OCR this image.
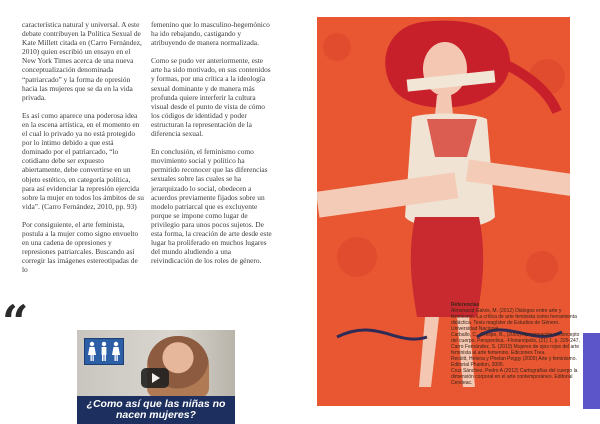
característica natural y universal. A este debate contribuyen la Política Sexual de Kate Millett citada en (Carro Fernández, 2010) quien escribió un ensayo en el New York Times acerca de una nueva conceptualización denominada “patriarcado” y la forma de opresión hacia las mujeres que se da en la vida privada.

Es así como aparece una poderosa idea en la escena artística, en el momento en el cual lo privado ya no está protegido por lo íntimo debido a que está dominado por el patriarcado, “lo cotidiano debe ser expuesto abiertamente, debe convertirse en un objeto estético, en categoría política, para así evidenciar la represión ejercida sobre la mujer en todos los ámbitos de su vida”. (Carro Fernández, 2010, pp. 93)

Por consiguiente, el arte feminista, postula a la mujer como signo envuelto en una cadena de opresiones y represiones patriarcales. Buscando así corregir las imágenes estereotipadas de lo

femenino que lo masculino-hegemónico ha ido rebajando, castigando y atribuyendo de manera normalizada.

Como se pudo ver anteriormente, este arte ha sido motivado, en sus contenidos y formas, por una crítica a la ideología sexual dominante y de manera más profunda quiere interferir la cultura visual desde el punto de vista de cómo los códigos de identidad y poder estructuran la representación de la diferencia sexual.

En conclusión, el feminismo como movimiento social y político ha permitido reconocer que las diferencias sexuales sobre las cuales se ha jerarquizado lo social, obedecen a acuerdos previamente fijados sobre un modelo patriarcal que es excluyente porque se impone como lugar de privilegio para unos pocos sujetos. De esta forma, la creación de arte desde este lugar ha proliferado en muchos lugares del mundo aludiendo a una reivindicación de los roles de género.

“
¿Como así que las niñas no nacen mujeres?
Referencias
Almonacid Galvis, M. (2012) Diálogos entre arte y feminismo. La crítica de arte feminista como herramienta didáctica. Tesis magíster de Estudios de Género. Universidad Nacional.
Carballo, C., Crespo, B., (2003) Aproximación al concepto del cuerpo. Perspectiva. -Florianópolis, (21) 1, p. 229-247.
Carro Fernández, S. (2010) Mujeres de ojos rojos del arte feminista al arte femenino. Ediciones Trea.
Reckitt, Helena y Phelan Peggy (2005) Arte y feminismo. Editorial Phaidon, 2005.
Cruz Sánchez, Pedro A (2012) Cartografías del cuerpo la dimensión corporal en el arte contemporáneo. Editorial Cendeac.
